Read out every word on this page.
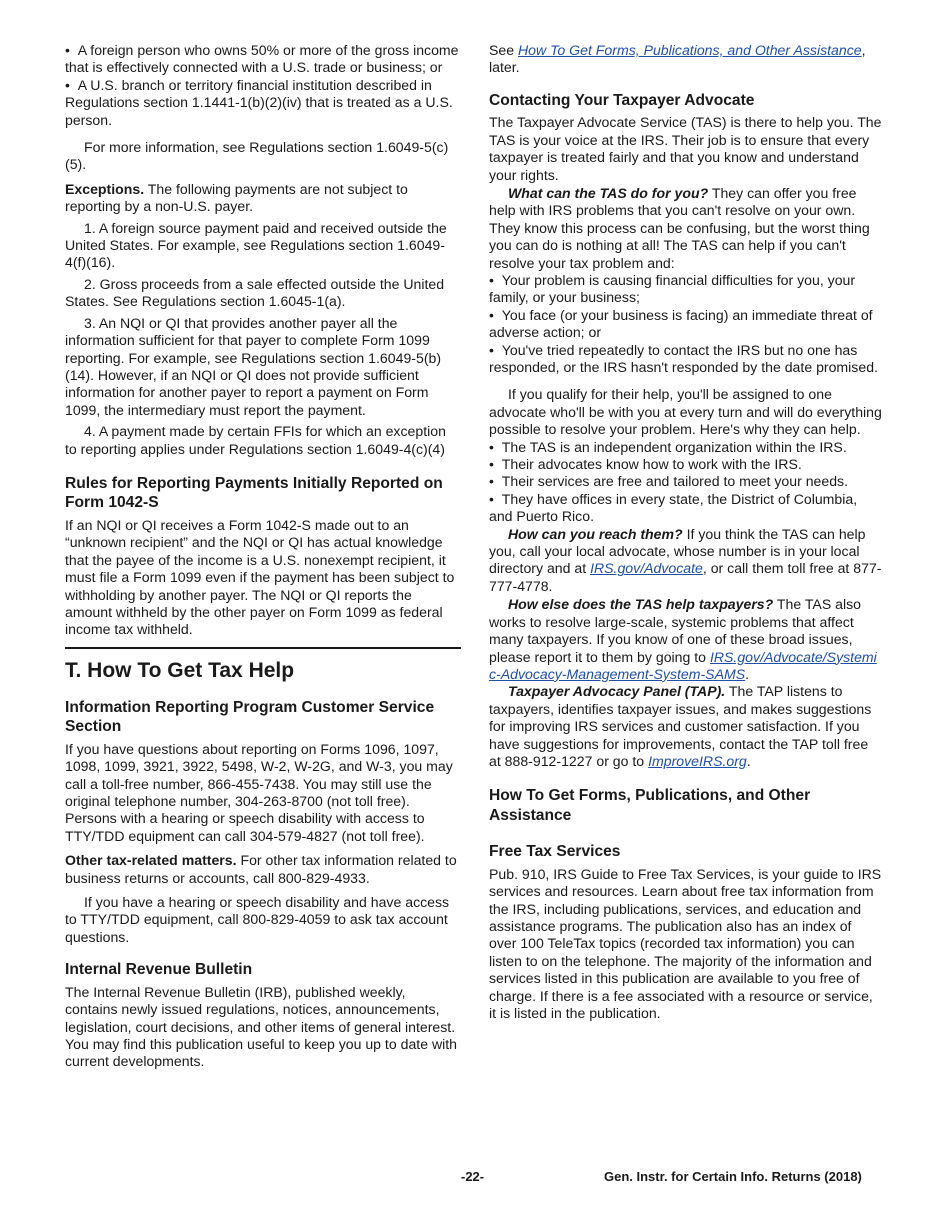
•  A foreign person who owns 50% or more of the gross income that is effectively connected with a U.S. trade or business; or

•  A U.S. branch or territory financial institution described in Regulations section 1.1441-1(b)(2)(iv) that is treated as a U.S. person.

For more information, see Regulations section 1.6049-5(c)(5).

Exceptions. The following payments are not subject to reporting by a non-U.S. payer.

1. A foreign source payment paid and received outside the United States. For example, see Regulations section 1.6049-4(f)(16).

2. Gross proceeds from a sale effected outside the United States. See Regulations section 1.6045-1(a).

3. An NQI or QI that provides another payer all the information sufficient for that payer to complete Form 1099 reporting. For example, see Regulations section 1.6049-5(b)(14). However, if an NQI or QI does not provide sufficient information for another payer to report a payment on Form 1099, the intermediary must report the payment.

4. A payment made by certain FFIs for which an exception to reporting applies under Regulations section 1.6049-4(c)(4)

Rules for Reporting Payments Initially Reported on Form 1042-S

If an NQI or QI receives a Form 1042-S made out to an “unknown recipient” and the NQI or QI has actual knowledge that the payee of the income is a U.S. nonexempt recipient, it must file a Form 1099 even if the payment has been subject to withholding by another payer. The NQI or QI reports the amount withheld by the other payer on Form 1099 as federal income tax withheld.

T. How To Get Tax Help
Information Reporting Program Customer Service Section

If you have questions about reporting on Forms 1096, 1097, 1098, 1099, 3921, 3922, 5498, W-2, W-2G, and W-3, you may call a toll-free number, 866-455-7438. You may still use the original telephone number, 304-263-8700 (not toll free). Persons with a hearing or speech disability with access to TTY/TDD equipment can call 304-579-4827 (not toll free).

Other tax-related matters. For other tax information related to business returns or accounts, call 800-829-4933.

If you have a hearing or speech disability and have access to TTY/TDD equipment, call 800-829-4059 to ask tax account questions.

Internal Revenue Bulletin

The Internal Revenue Bulletin (IRB), published weekly, contains newly issued regulations, notices, announcements, legislation, court decisions, and other items of general interest. You may find this publication useful to keep you up to date with current developments.

See How To Get Forms, Publications, and Other Assistance, later.

Contacting Your Taxpayer Advocate

The Taxpayer Advocate Service (TAS) is there to help you. The TAS is your voice at the IRS. Their job is to ensure that every taxpayer is treated fairly and that you know and understand your rights.

What can the TAS do for you? They can offer you free help with IRS problems that you can't resolve on your own. They know this process can be confusing, but the worst thing you can do is nothing at all! The TAS can help if you can't resolve your tax problem and:

•  Your problem is causing financial difficulties for you, your family, or your business;

•  You face (or your business is facing) an immediate threat of adverse action; or

•  You've tried repeatedly to contact the IRS but no one has responded, or the IRS hasn't responded by the date promised.

If you qualify for their help, you'll be assigned to one advocate who'll be with you at every turn and will do everything possible to resolve your problem. Here's why they can help.

•  The TAS is an independent organization within the IRS.

•  Their advocates know how to work with the IRS.

•  Their services are free and tailored to meet your needs.

•  They have offices in every state, the District of Columbia, and Puerto Rico.

How can you reach them? If you think the TAS can help you, call your local advocate, whose number is in your local directory and at IRS.gov/Advocate, or call them toll free at 877-777-4778.

How else does the TAS help taxpayers? The TAS also works to resolve large-scale, systemic problems that affect many taxpayers. If you know of one of these broad issues, please report it to them by going to IRS.gov/Advocate/Systemic-Advocacy-Management-System-SAMS.

Taxpayer Advocacy Panel (TAP). The TAP listens to taxpayers, identifies taxpayer issues, and makes suggestions for improving IRS services and customer satisfaction. If you have suggestions for improvements, contact the TAP toll free at 888-912-1227 or go to ImproveIRS.org.

How To Get Forms, Publications, and Other Assistance
Free Tax Services

Pub. 910, IRS Guide to Free Tax Services, is your guide to IRS services and resources. Learn about free tax information from the IRS, including publications, services, and education and assistance programs. The publication also has an index of over 100 TeleTax topics (recorded tax information) you can listen to on the telephone. The majority of the information and services listed in this publication are available to you free of charge. If there is a fee associated with a resource or service, it is listed in the publication.

-22-	Gen. Instr. for Certain Info. Returns (2018)
